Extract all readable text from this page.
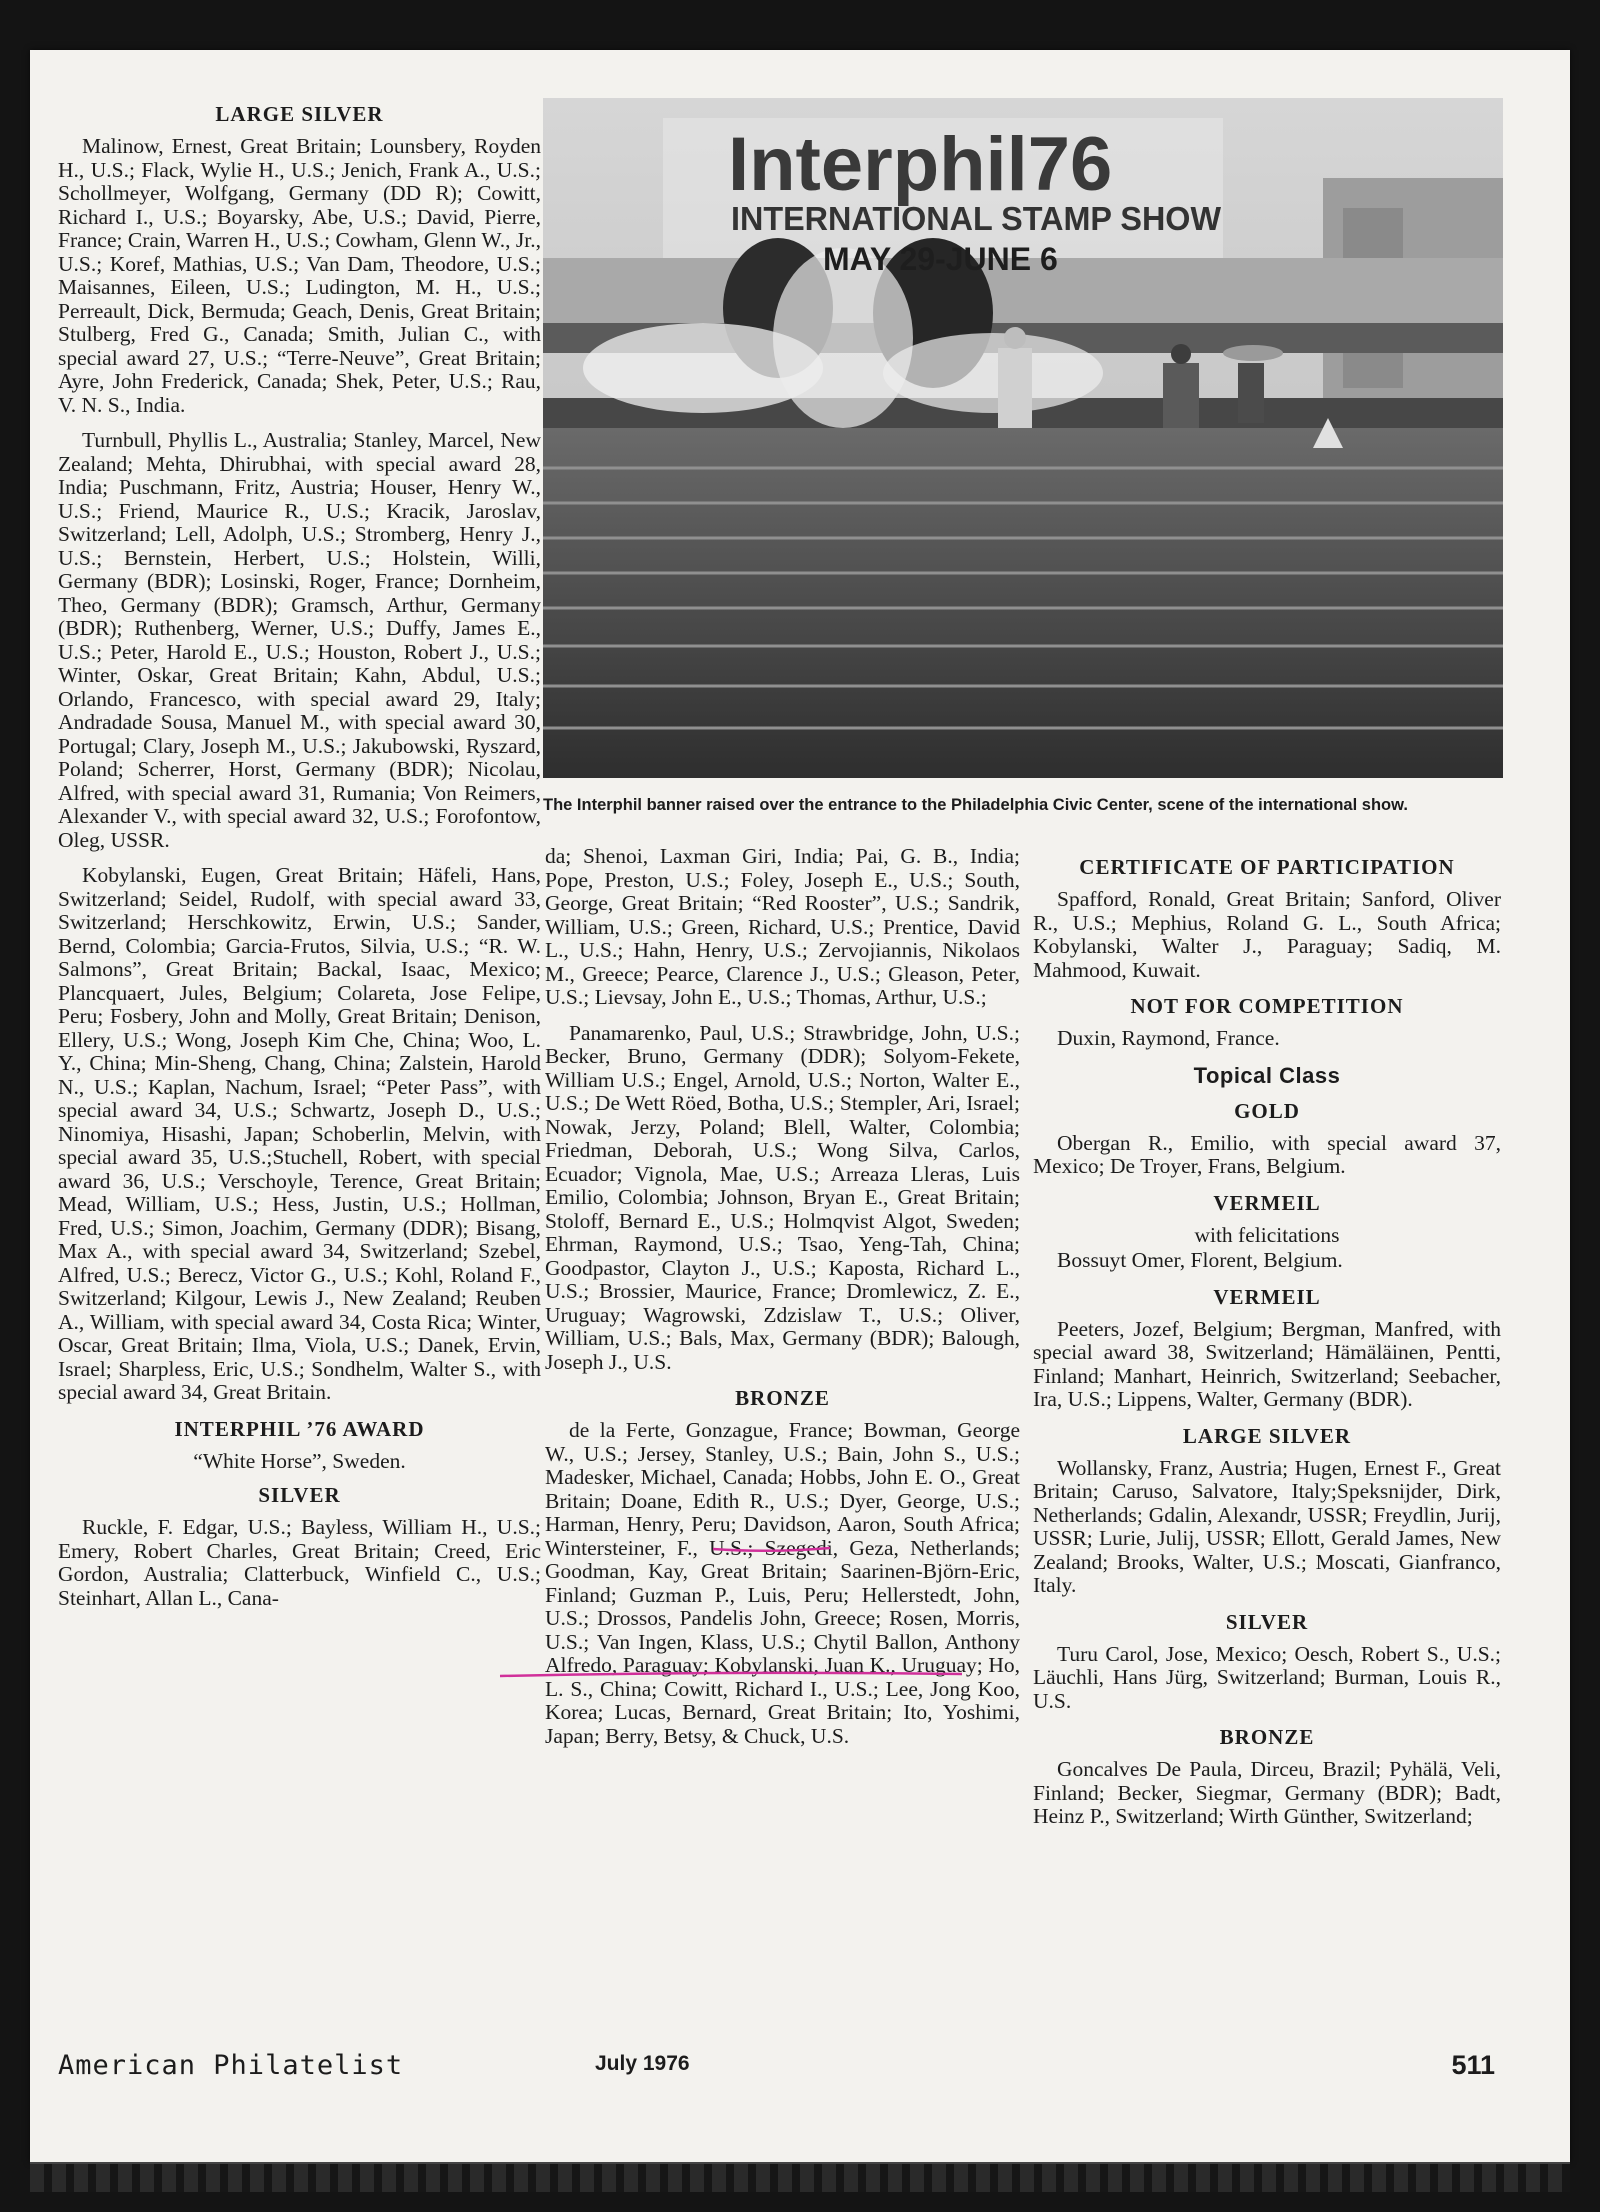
LARGE SILVER

Malinow, Ernest, Great Britain; Lounsbery, Royden H., U.S.; Flack, Wylie H., U.S.; Jenich, Frank A., U.S.; Schollmeyer, Wolfgang, Germany (DD R); Cowitt, Richard I., U.S.; Boyarsky, Abe, U.S.; David, Pierre, France; Crain, Warren H., U.S.; Cowham, Glenn W., Jr., U.S.; Koref, Mathias, U.S.; Van Dam, Theodore, U.S.; Maisannes, Eileen, U.S.; Ludington, M. H., U.S.; Perreault, Dick, Bermuda; Geach, Denis, Great Britain; Stulberg, Fred G., Canada; Smith, Julian C., with special award 27, U.S.; “Terre-Neuve”, Great Britain; Ayre, John Frederick, Canada; Shek, Peter, U.S.; Rau, V. N. S., India.

Turnbull, Phyllis L., Australia; Stanley, Marcel, New Zealand; Mehta, Dhirubhai, with special award 28, India; Puschmann, Fritz, Austria; Houser, Henry W., U.S.; Friend, Maurice R., U.S.; Kracik, Jaroslav, Switzerland; Lell, Adolph, U.S.; Stromberg, Henry J., U.S.; Bernstein, Herbert, U.S.; Holstein, Willi, Germany (BDR); Losinski, Roger, France; Dornheim, Theo, Germany (BDR); Gramsch, Arthur, Germany (BDR); Ruthenberg, Werner, U.S.; Duffy, James E., U.S.; Peter, Harold E., U.S.; Houston, Robert J., U.S.; Winter, Oskar, Great Britain; Kahn, Abdul, U.S.; Orlando, Francesco, with special award 29, Italy; Andradade Sousa, Manuel M., with special award 30, Portugal; Clary, Joseph M., U.S.; Jakubowski, Ryszard, Poland; Scherrer, Horst, Germany (BDR); Nicolau, Alfred, with special award 31, Rumania; Von Reimers, Alexander V., with special award 32, U.S.; Forofontow, Oleg, USSR.

Kobylanski, Eugen, Great Britain; Häfeli, Hans, Switzerland; Seidel, Rudolf, with special award 33, Switzerland; Herschkowitz, Erwin, U.S.; Sander, Bernd, Colombia; Garcia-Frutos, Silvia, U.S.; “R. W. Salmons”, Great Britain; Backal, Isaac, Mexico; Plancquaert, Jules, Belgium; Colareta, Jose Felipe, Peru; Fosbery, John and Molly, Great Britain; Denison, Ellery, U.S.; Wong, Joseph Kim Che, China; Woo, L. Y., China; Min-Sheng, Chang, China; Zalstein, Harold N., U.S.; Kaplan, Nachum, Israel; “Peter Pass”, with special award 34, U.S.; Schwartz, Joseph D., U.S.; Ninomiya, Hisashi, Japan; Schoberlin, Melvin, with special award 35, U.S.;Stuchell, Robert, with special award 36, U.S.; Verschoyle, Terence, Great Britain; Mead, William, U.S.; Hess, Justin, U.S.; Hollman, Fred, U.S.; Simon, Joachim, Germany (DDR); Bisang, Max A., with special award 34, Switzerland; Szebel, Alfred, U.S.; Berecz, Victor G., U.S.; Kohl, Roland F., Switzerland; Kilgour, Lewis J., New Zealand; Reuben A., William, with special award 34, Costa Rica; Winter, Oscar, Great Britain; Ilma, Viola, U.S.; Danek, Ervin, Israel; Sharpless, Eric, U.S.; Sondhelm, Walter S., with special award 34, Great Britain.

INTERPHIL ’76 AWARD
“White Horse”, Sweden.
SILVER

Ruckle, F. Edgar, U.S.; Bayless, William H., U.S.; Emery, Robert Charles, Great Britain; Creed, Eric Gordon, Australia; Clatterbuck, Winfield C., U.S.; Steinhart, Allan L., Cana-

Interphil76
INTERNATIONAL STAMP SHOW
MAY 29-JUNE 6

The Interphil banner raised over the entrance to the Philadelphia Civic Center, scene of the international show.

da; Shenoi, Laxman Giri, India; Pai, G. B., India; Pope, Preston, U.S.; Foley, Joseph E., U.S.; South, George, Great Britain; “Red Rooster”, U.S.; Sandrik, William, U.S.; Green, Richard, U.S.; Prentice, David L., U.S.; Hahn, Henry, U.S.; Zervojiannis, Nikolaos M., Greece; Pearce, Clarence J., U.S.; Gleason, Peter, U.S.; Lievsay, John E., U.S.; Thomas, Arthur, U.S.;

Panamarenko, Paul, U.S.; Strawbridge, John, U.S.; Becker, Bruno, Germany (DDR); Solyom-Fekete, William U.S.; Engel, Arnold, U.S.; Norton, Walter E., U.S.; De Wett Röed, Botha, U.S.; Stempler, Ari, Israel; Nowak, Jerzy, Poland; Blell, Walter, Colombia; Friedman, Deborah, U.S.; Wong Silva, Carlos, Ecuador; Vignola, Mae, U.S.; Arreaza Lleras, Luis Emilio, Colombia; Johnson, Bryan E., Great Britain; Stoloff, Bernard E., U.S.; Holmqvist Algot, Sweden; Ehrman, Raymond, U.S.; Tsao, Yeng-Tah, China; Goodpastor, Clayton J., U.S.; Kaposta, Richard L., U.S.; Brossier, Maurice, France; Dromlewicz, Z. E., Uruguay; Wagrowski, Zdzislaw T., U.S.; Oliver, William, U.S.; Bals, Max, Germany (BDR); Balough, Joseph J., U.S.

BRONZE

de la Ferte, Gonzague, France; Bowman, George W., U.S.; Jersey, Stanley, U.S.; Bain, John S., U.S.; Madesker, Michael, Canada; Hobbs, John E. O., Great Britain; Doane, Edith R., U.S.; Dyer, George, U.S.; Harman, Henry, Peru; Davidson, Aaron, South Africa; Wintersteiner, F., U.S.; Szegedi, Geza, Netherlands; Goodman, Kay, Great Britain; Saarinen-Björn-Eric, Finland; Guzman P., Luis, Peru; Hellerstedt, John, U.S.; Drossos, Pandelis John, Greece; Rosen, Morris, U.S.; Van Ingen, Klass, U.S.; Chytil Ballon, Anthony Alfredo, Paraguay; Kobylanski, Juan K., Uruguay; Ho, L. S., China; Cowitt, Richard I., U.S.; Lee, Jong Koo, Korea; Lucas, Bernard, Great Britain; Ito, Yoshimi, Japan; Berry, Betsy, & Chuck, U.S.

CERTIFICATE OF PARTICIPATION

Spafford, Ronald, Great Britain; Sanford, Oliver R., U.S.; Mephius, Roland G. L., South Africa; Kobylanski, Walter J., Paraguay; Sadiq, M. Mahmood, Kuwait.

NOT FOR COMPETITION

Duxin, Raymond, France.

Topical Class
GOLD

Obergan R., Emilio, with special award 37, Mexico; De Troyer, Frans, Belgium.

VERMEIL
with felicitations

Bossuyt Omer, Florent, Belgium.

VERMEIL

Peeters, Jozef, Belgium; Bergman, Manfred, with special award 38, Switzerland; Hämäläinen, Pentti, Finland; Manhart, Heinrich, Switzerland; Seebacher, Ira, U.S.; Lippens, Walter, Germany (BDR).

LARGE SILVER

Wollansky, Franz, Austria; Hugen, Ernest F., Great Britain; Caruso, Salvatore, Italy;Speksnijder, Dirk, Netherlands; Gdalin, Alexandr, USSR; Freydlin, Jurij, USSR; Lurie, Julij, USSR; Ellott, Gerald James, New Zealand; Brooks, Walter, U.S.; Moscati, Gianfranco, Italy.

SILVER

Turu Carol, Jose, Mexico; Oesch, Robert S., U.S.; Läuchli, Hans Jürg, Switzerland; Burman, Louis R., U.S.

BRONZE

Goncalves De Paula, Dirceu, Brazil; Pyhälä, Veli, Finland; Becker, Siegmar, Germany (BDR); Badt, Heinz P., Switzerland; Wirth Günther, Switzerland;

American Philatelist	July 1976	511
